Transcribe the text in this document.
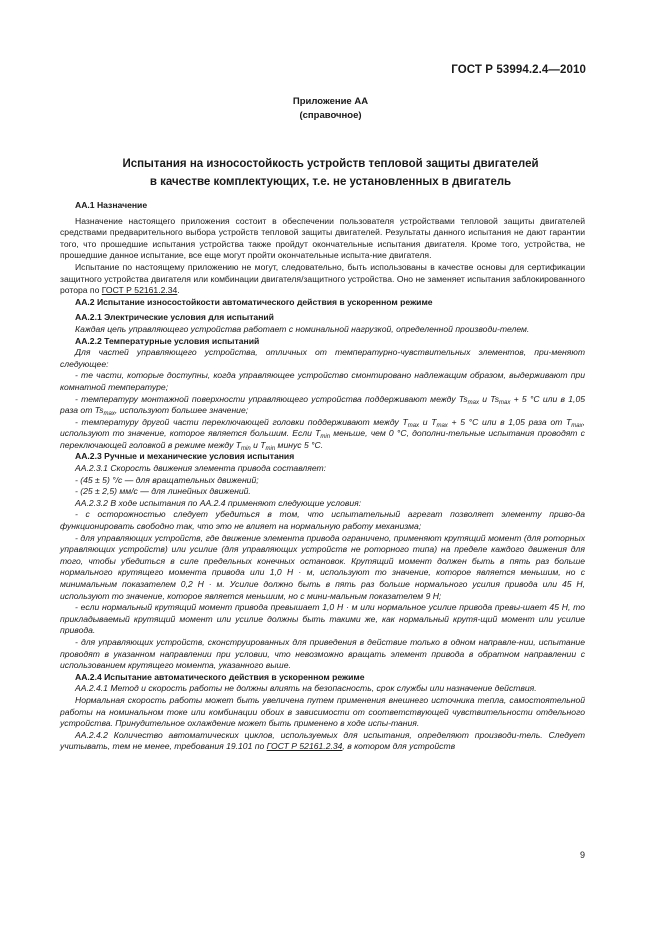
ГОСТ Р 53994.2.4—2010
Приложение АА
(справочное)
Испытания на износостойкость устройств тепловой защиты двигателей
в качестве комплектующих, т.е. не установленных в двигатель

АА.1 Назначение

Назначение настоящего приложения состоит в обеспечении пользователя устройствами тепловой защиты двигателей средствами предварительного выбора устройств тепловой защиты двигателей. Результаты данного испытания не дают гарантии того, что прошедшие испытания устройства также пройдут окончательные испытания двигателя. Кроме того, устройства, не прошедшие данное испытание, все еще могут пройти окончательные испыта-ние двигателя.

Испытание по настоящему приложению не могут, следовательно, быть использованы в качестве основы для сертификации защитного устройства двигателя или комбинации двигателя/защитного устройства. Оно не заменяет испытания заблокированного ротора по ГОСТ Р 52161.2.34.

АА.2 Испытание износостойкости автоматического действия в ускоренном режиме

АА.2.1 Электрические условия для испытаний

Каждая цепь управляющего устройства работает с номинальной нагрузкой, определенной производи-телем.

АА.2.2 Температурные условия испытаний

Для частей управляющего устройства, отличных от температурно-чувствительных элементов, при-меняют следующее:

- те части, которые доступны, когда управляющее устройство смонтировано надлежащим образом, выдерживают при комнатной температуре;

- температуру монтажной поверхности управляющего устройства поддерживают между $Ts_{max}$ и $Ts_{max} + 5$ °C или в 1,05 раза от $Ts_{max}$, используют большее значение;

- температуру другой части переключающей головки поддерживают между $T_{max}$ и $T_{max} + 5$ °C или в 1,05 раза от $T_{max}$, используют то значение, которое является большим. Если $T_{min}$ меньше, чем 0 °C, дополни-тельные испытания проводят с переключающей головкой в режиме между $T_{min}$ и $T_{min}$ минус 5 °C.

АА.2.3 Ручные и механические условия испытания

АА.2.3.1 Скорость движения элемента привода составляет:

- (45 ± 5) °/с — для вращательных движений;

- (25 ± 2,5) мм/с — для линейных движений.

АА.2.3.2 В ходе испытания по АА.2.4 применяют следующие условия:

- с осторожностью следует убедиться в том, что испытательный агрегат позволяет элементу приво-да функционировать свободно так, что это не влияет на нормальную работу механизма;

- для управляющих устройств, где движение элемента привода ограничено, применяют крутящий момент (для роторных управляющих устройств) или усилие (для управляющих устройств не роторного типа) на пределе каждого движения для того, чтобы убедиться в силе предельных конечных остановок. Крутящий момент должен быть в пять раз больше нормального крутящего момента привода или 1,0 Н · м, используют то значение, которое является меньшим, но с минимальным показателем 0,2 Н · м. Усилие должно быть в пять раз больше нормального усилия привода или 45 Н, используют то значение, которое является меньшим, но с мини-мальным показателем 9 Н;

- если нормальный крутящий момент привода превышает 1,0 Н · м или нормальное усилие привода превы-шает 45 Н, то прикладываемый крутящий момент или усилие должны быть такими же, как нормальный крутя-щий момент или усилие привода.

- для управляющих устройств, сконструированных для приведения в действие только в одном направле-нии, испытание проводят в указанном направлении при условии, что невозможно вращать элемент привода в обратном направлении с использованием крутящего момента, указанного выше.

АА.2.4 Испытание автоматического действия в ускоренном режиме

АА.2.4.1 Метод и скорость работы не должны влиять на безопасность, срок службы или назначение действия.

Нормальная скорость работы может быть увеличена путем применения внешнего источника тепла, самостоятельной работы на номинальном токе или комбинации обоих в зависимости от соответствующей чувствительности отдельного устройства. Принудительное охлаждение может быть применено в ходе испы-тания.

АА.2.4.2 Количество автоматических циклов, используемых для испытания, определяют производи-тель. Следует учитывать, тем не менее, требования 19.101 по ГОСТ Р 52161.2.34, в котором для устройств

9
